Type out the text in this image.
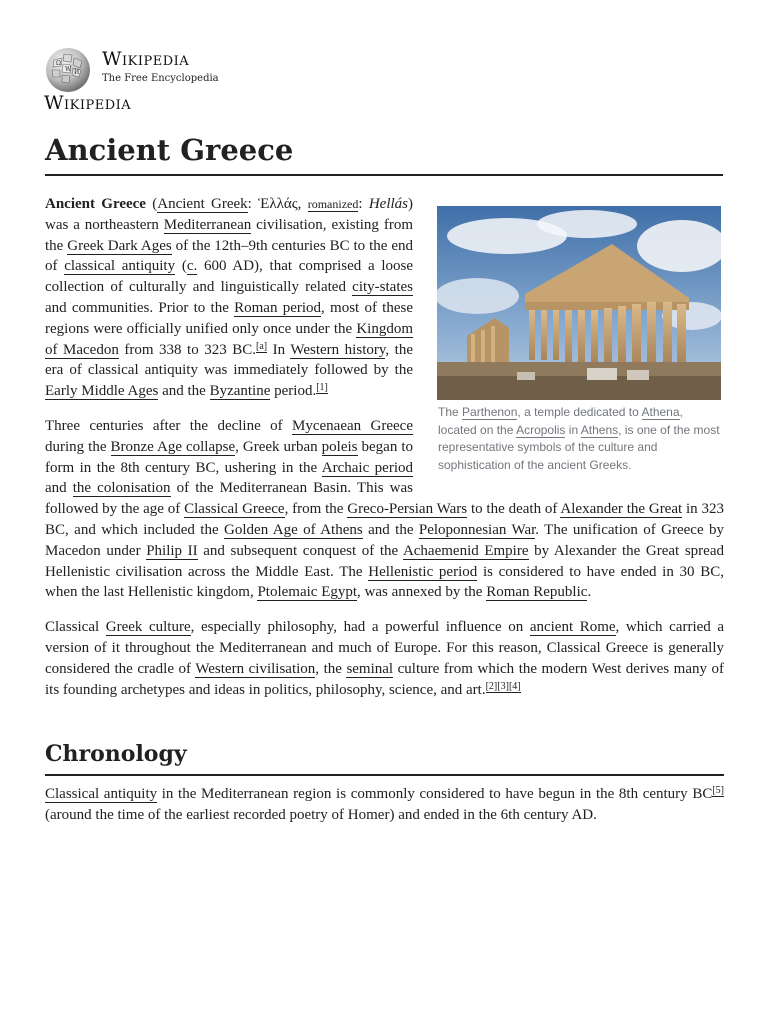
Ω
W И
Wikipedia
The Free Encyclopedia
Wikipedia
Ancient Greece
The Parthenon, a temple dedicated to Athena, located on the Acropolis in Athens, is one of the most representative symbols of the culture and sophistication of the ancient Greeks.

Ancient Greece (Ancient Greek: Ἑλλάς, romanized: Hellás) was a northeastern Mediterranean civilisation, existing from the Greek Dark Ages of the 12th–9th centuries BC to the end of classical antiquity (c. 600 AD), that comprised a loose collection of culturally and linguistically related city-states and communities. Prior to the Roman period, most of these regions were officially unified only once under the Kingdom of Macedon from 338 to 323 BC.[a] In Western history, the era of classical antiquity was immediately followed by the Early Middle Ages and the Byzantine period.[1]

Three centuries after the decline of Mycenaean Greece during the Bronze Age collapse, Greek urban poleis began to form in the 8th century BC, ushering in the Archaic period and the colonisation of the Mediterranean Basin. This was followed by the age of Classical Greece, from the Greco-Persian Wars to the death of Alexander the Great in 323 BC, and which included the Golden Age of Athens and the Peloponnesian War. The unification of Greece by Macedon under Philip II and subsequent conquest of the Achaemenid Empire by Alexander the Great spread Hellenistic civilisation across the Middle East. The Hellenistic period is considered to have ended in 30 BC, when the last Hellenistic kingdom, Ptolemaic Egypt, was annexed by the Roman Republic.

Classical Greek culture, especially philosophy, had a powerful influence on ancient Rome, which carried a version of it throughout the Mediterranean and much of Europe. For this reason, Classical Greece is generally considered the cradle of Western civilisation, the seminal culture from which the modern West derives many of its founding archetypes and ideas in politics, philosophy, science, and art.[2][3][4]

Chronology

Classical antiquity in the Mediterranean region is commonly considered to have begun in the 8th century BC[5] (around the time of the earliest recorded poetry of Homer) and ended in the 6th century AD.
